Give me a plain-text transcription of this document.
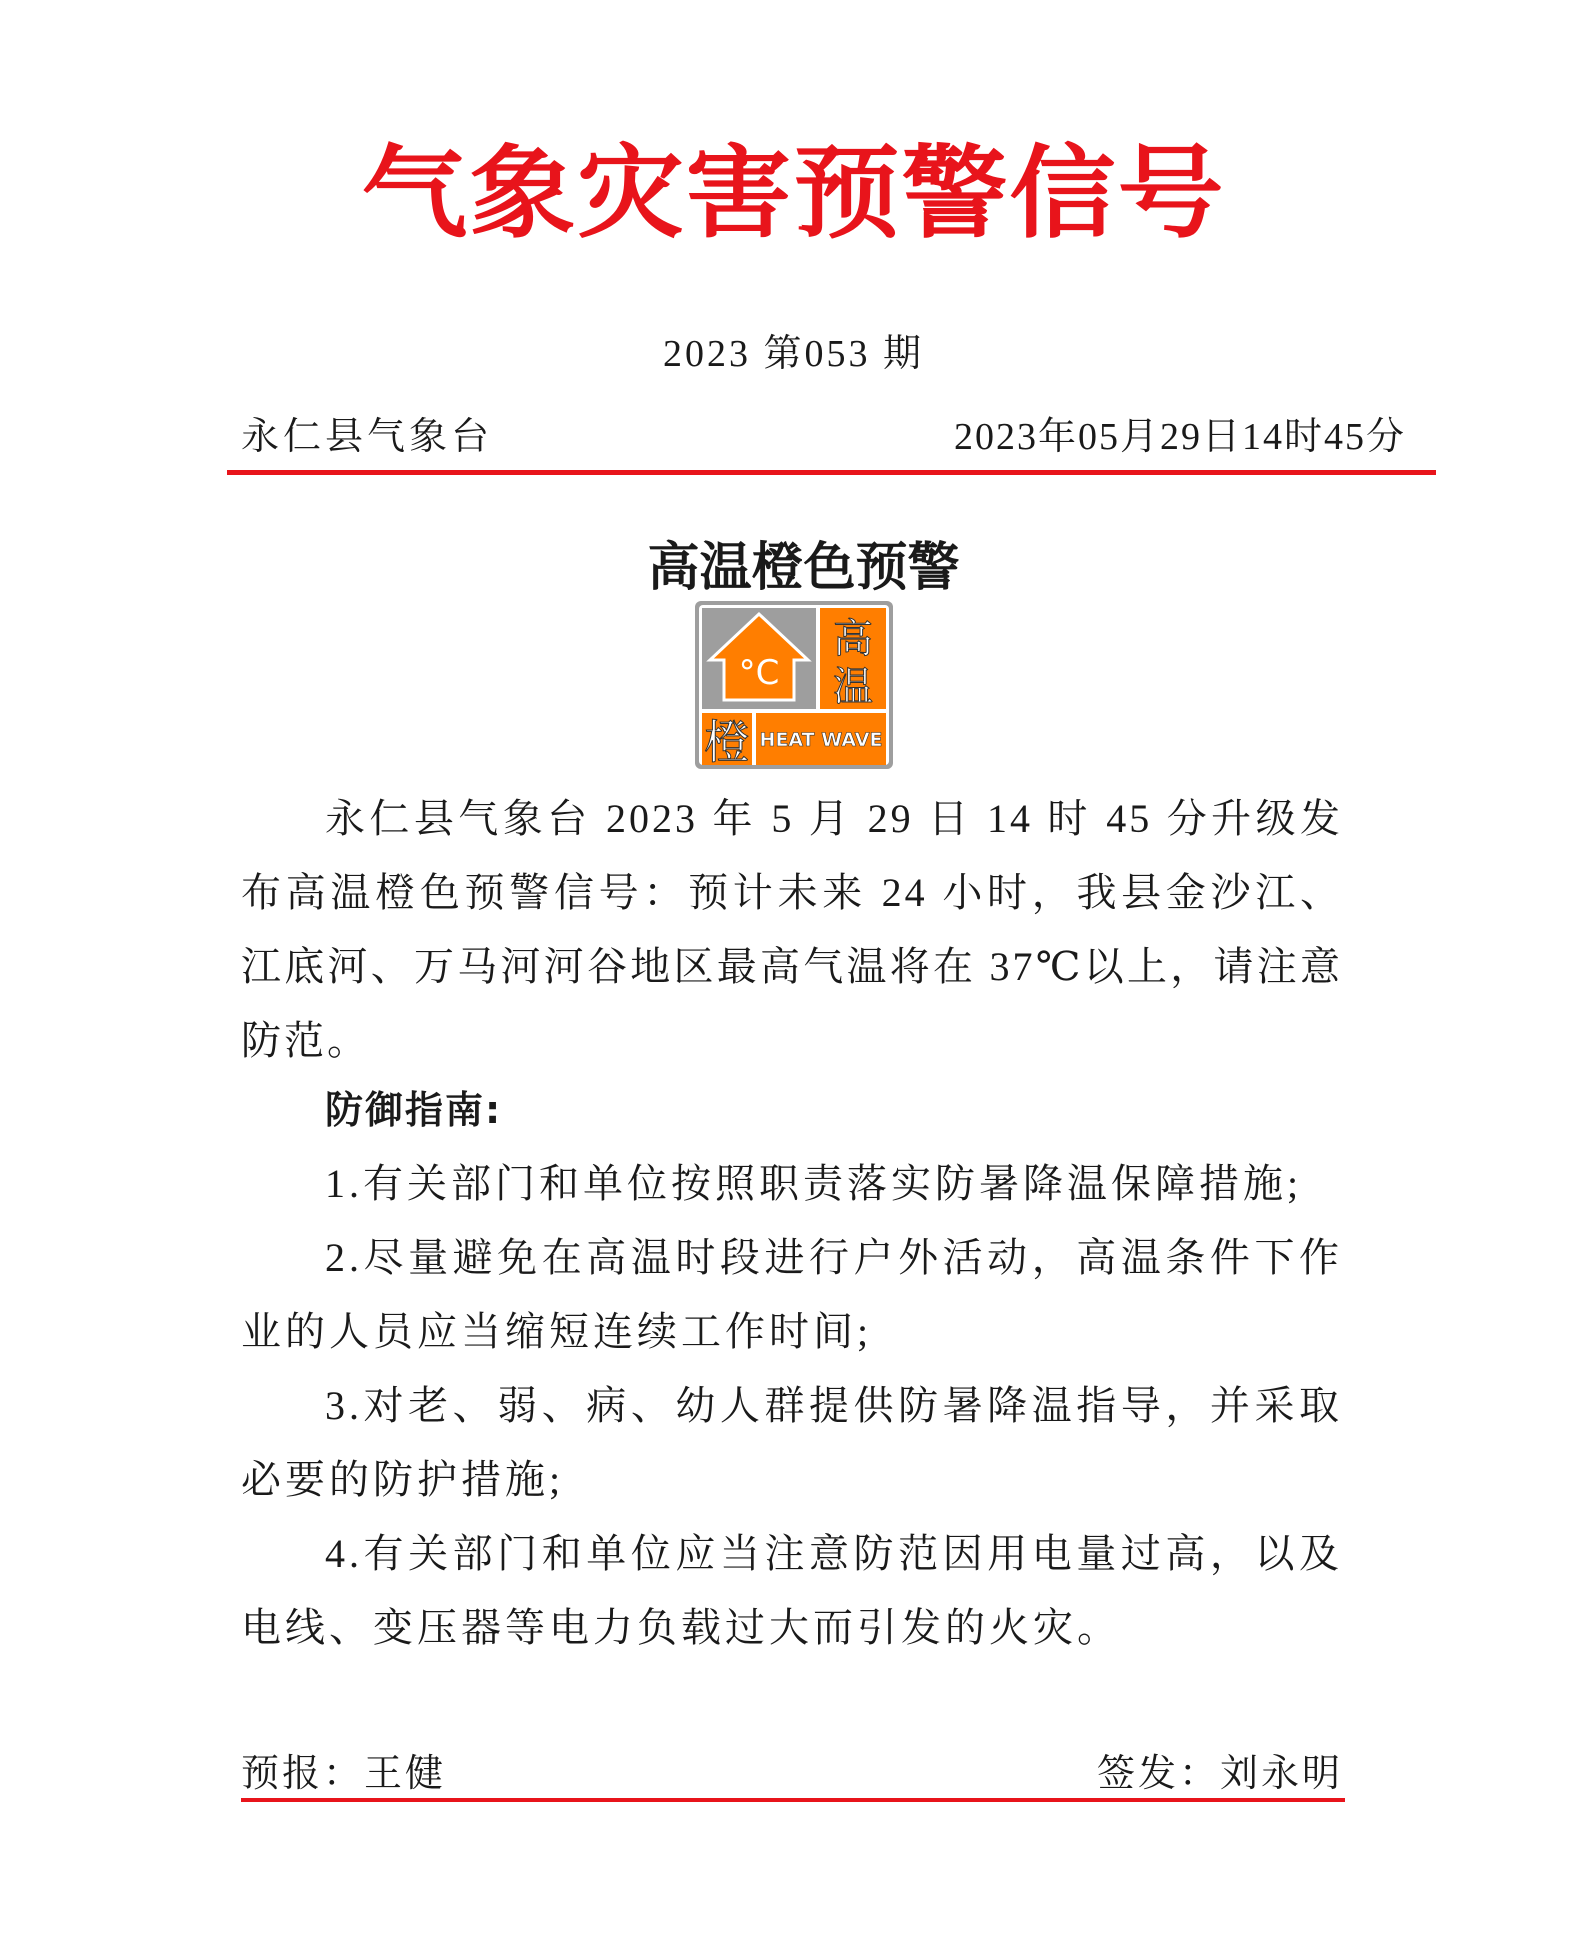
气象灾害预警信号
2023 第053 期
永仁县气象台	2023年05月29日14时45分
高温橙色预警
°C
高
温
橙 HEAT WAVE

永仁县气象台 2023 年 5 月 29 日 14 时 45 分升级发布高温橙色预警信号：预计未来 24 小时，我县金沙江、江底河、万马河河谷地区最高气温将在 37℃以上，请注意防范。

防御指南:

1.有关部门和单位按照职责落实防暑降温保障措施;

2.尽量避免在高温时段进行户外活动，高温条件下作业的人员应当缩短连续工作时间;

3.对老、弱、病、幼人群提供防暑降温指导，并采取必要的防护措施;

4.有关部门和单位应当注意防范因用电量过高，以及电线、变压器等电力负载过大而引发的火灾。

预报：王健	签发：刘永明
